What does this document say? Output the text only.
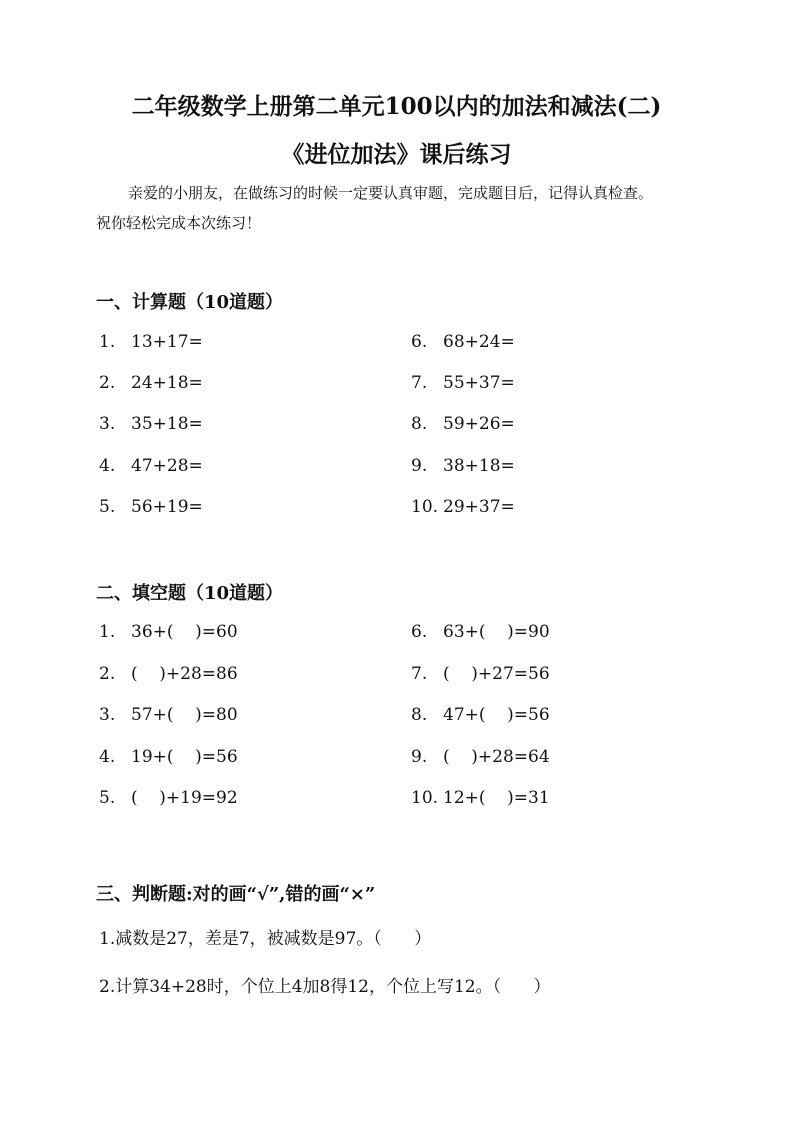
二年级数学上册第二单元100以内的加法和减法(二)
《进位加法》课后练习
亲爱的小朋友，在做练习的时候一定要认真审题，完成题目后，记得认真检查。
祝你轻松完成本次练习！
一、计算题（10道题）
1. 13+17=
2. 24+18=
3. 35+18=
4. 47+28=
5. 56+19=
6. 68+24=
7. 55+37=
8. 59+26=
9. 38+18=
10. 29+37=
二、填空题（10道题）
1. 36+(    )=60
2. (    )+28=86
3. 57+(    )=80
4. 19+(    )=56
5. (    )+19=92
6. 63+(    )=90
7. (    )+27=56
8. 47+(    )=56
9. (    )+28=64
10. 12+(    )=31
三、判断题:对的画“√”,错的画“×”
1.减数是27，差是7，被减数是97。（      ）
2.计算34+28时，个位上4加8得12，个位上写12。（      ）
